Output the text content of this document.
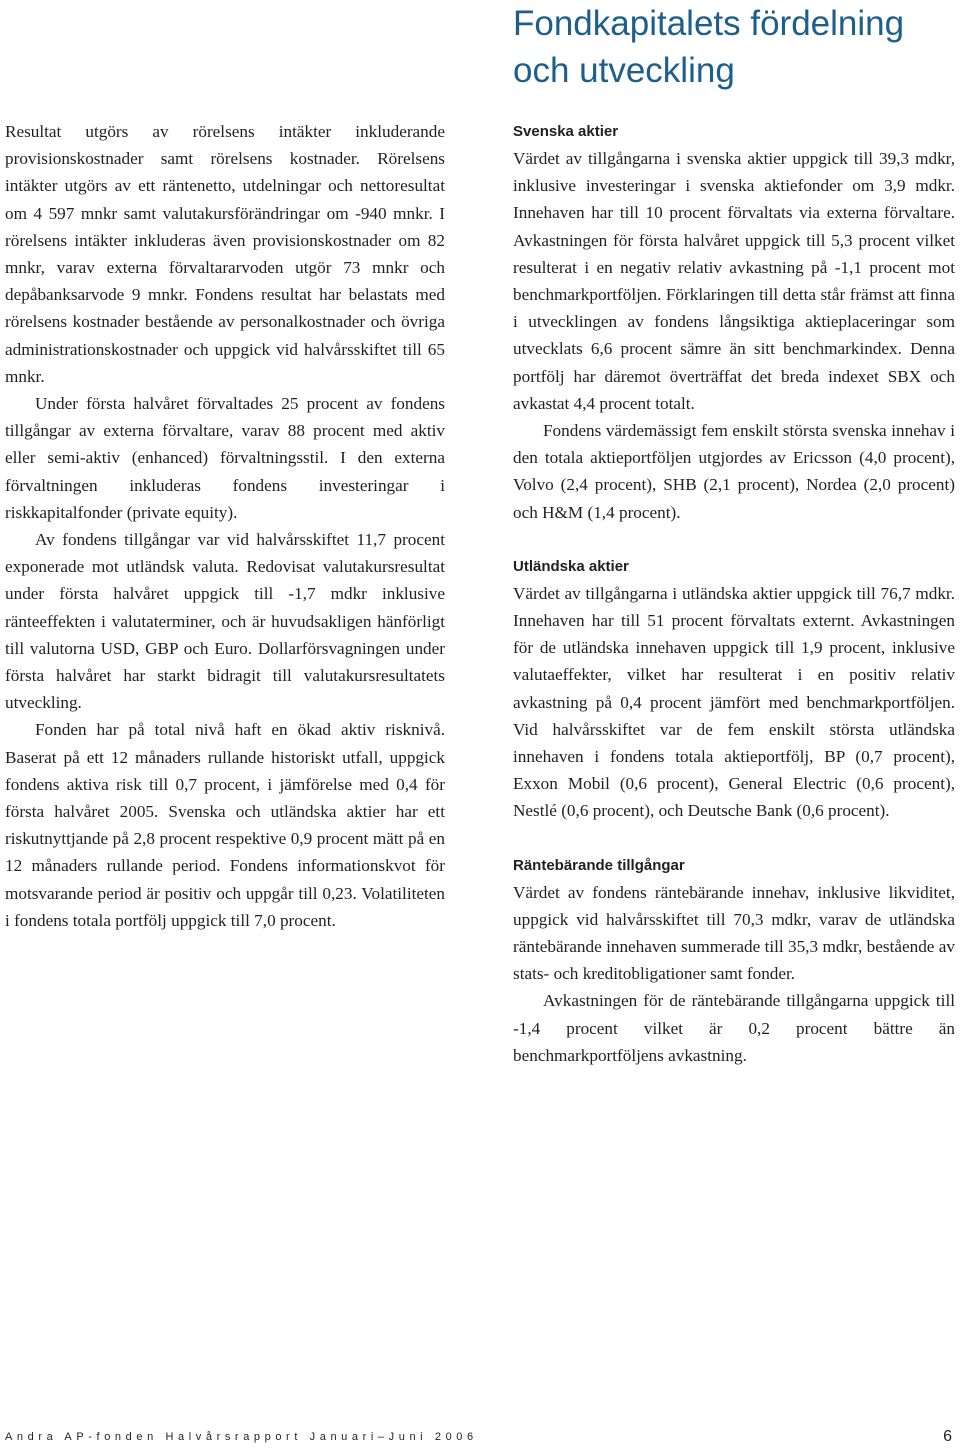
Fondkapitalets fördelning
och utveckling

Resultat utgörs av rörelsens intäkter inkluderande provisionskostnader samt rörelsens kostnader. Rörelsens intäkter utgörs av ett räntenetto, utdelningar och nettoresultat om 4 597 mnkr samt valutakursförändringar om -940 mnkr. I rörelsens intäkter inkluderas även provisionskostnader om 82 mnkr, varav externa förvaltararvoden utgör 73 mnkr och depåbanksarvode 9 mnkr. Fondens resultat har belastats med rörelsens kostnader bestående av personalkostnader och övriga administrationskostnader och uppgick vid halvårsskiftet till 65 mnkr.

Under första halvåret förvaltades 25 procent av fondens tillgångar av externa förvaltare, varav 88 procent med aktiv eller semi-aktiv (enhanced) förvaltningsstil. I den externa förvaltningen inkluderas fondens investeringar i riskkapitalfonder (private equity).

Av fondens tillgångar var vid halvårsskiftet 11,7 procent exponerade mot utländsk valuta. Redovisat valutakursresultat under första halvåret uppgick till -1,7 mdkr inklusive ränteeffekten i valutaterminer, och är huvudsakligen hänförligt till valutorna USD, GBP och Euro. Dollarförsvagningen under första halvåret har starkt bidragit till valutakursresultatets utveckling.

Fonden har på total nivå haft en ökad aktiv risknivå. Baserat på ett 12 månaders rullande historiskt utfall, uppgick fondens aktiva risk till 0,7 procent, i jämförelse med 0,4 för första halvåret 2005. Svenska och utländska aktier har ett riskutnyttjande på 2,8 procent respektive 0,9 procent mätt på en 12 månaders rullande period. Fondens informationskvot för motsvarande period är positiv och uppgår till 0,23. Volatiliteten i fondens totala portfölj uppgick till 7,0 procent.

Svenska aktier

Värdet av tillgångarna i svenska aktier uppgick till 39,3 mdkr, inklusive investeringar i svenska aktiefonder om 3,9 mdkr. Innehaven har till 10 procent förvaltats via externa förvaltare. Avkastningen för första halvåret uppgick till 5,3 procent vilket resulterat i en negativ relativ avkastning på -1,1 procent mot benchmarkportföljen. Förklaringen till detta står främst att finna i utvecklingen av fondens långsiktiga aktieplaceringar som utvecklats 6,6 procent sämre än sitt benchmarkindex. Denna portfölj har däremot överträffat det breda indexet SBX och avkastat 4,4 procent totalt.

Fondens värdemässigt fem enskilt största svenska innehav i den totala aktieportföljen utgjordes av Ericsson (4,0 procent), Volvo (2,4 procent), SHB (2,1 procent), Nordea (2,0 procent) och H&M (1,4 procent).

Utländska aktier

Värdet av tillgångarna i utländska aktier uppgick till 76,7 mdkr. Innehaven har till 51 procent förvaltats externt. Avkastningen för de utländska innehaven uppgick till 1,9 procent, inklusive valutaeffekter, vilket har resulterat i en positiv relativ avkastning på 0,4 procent jämfört med benchmarkportföljen. Vid halvårsskiftet var de fem enskilt största utländska innehaven i fondens totala aktieportfölj, BP (0,7 procent), Exxon Mobil (0,6 procent), General Electric (0,6 procent), Nestlé (0,6 procent), och Deutsche Bank (0,6 procent).

Räntebärande tillgångar

Värdet av fondens räntebärande innehav, inklusive likviditet, uppgick vid halvårsskiftet till 70,3 mdkr, varav de utländska räntebärande innehaven summerade till 35,3 mdkr, bestående av stats- och kreditobligationer samt fonder.

Avkastningen för de räntebärande tillgångarna uppgick till -1,4 procent vilket är 0,2 procent bättre än benchmarkportföljens avkastning.

Andra AP-fonden Halvårsrapport Januari–Juni 2006	6
